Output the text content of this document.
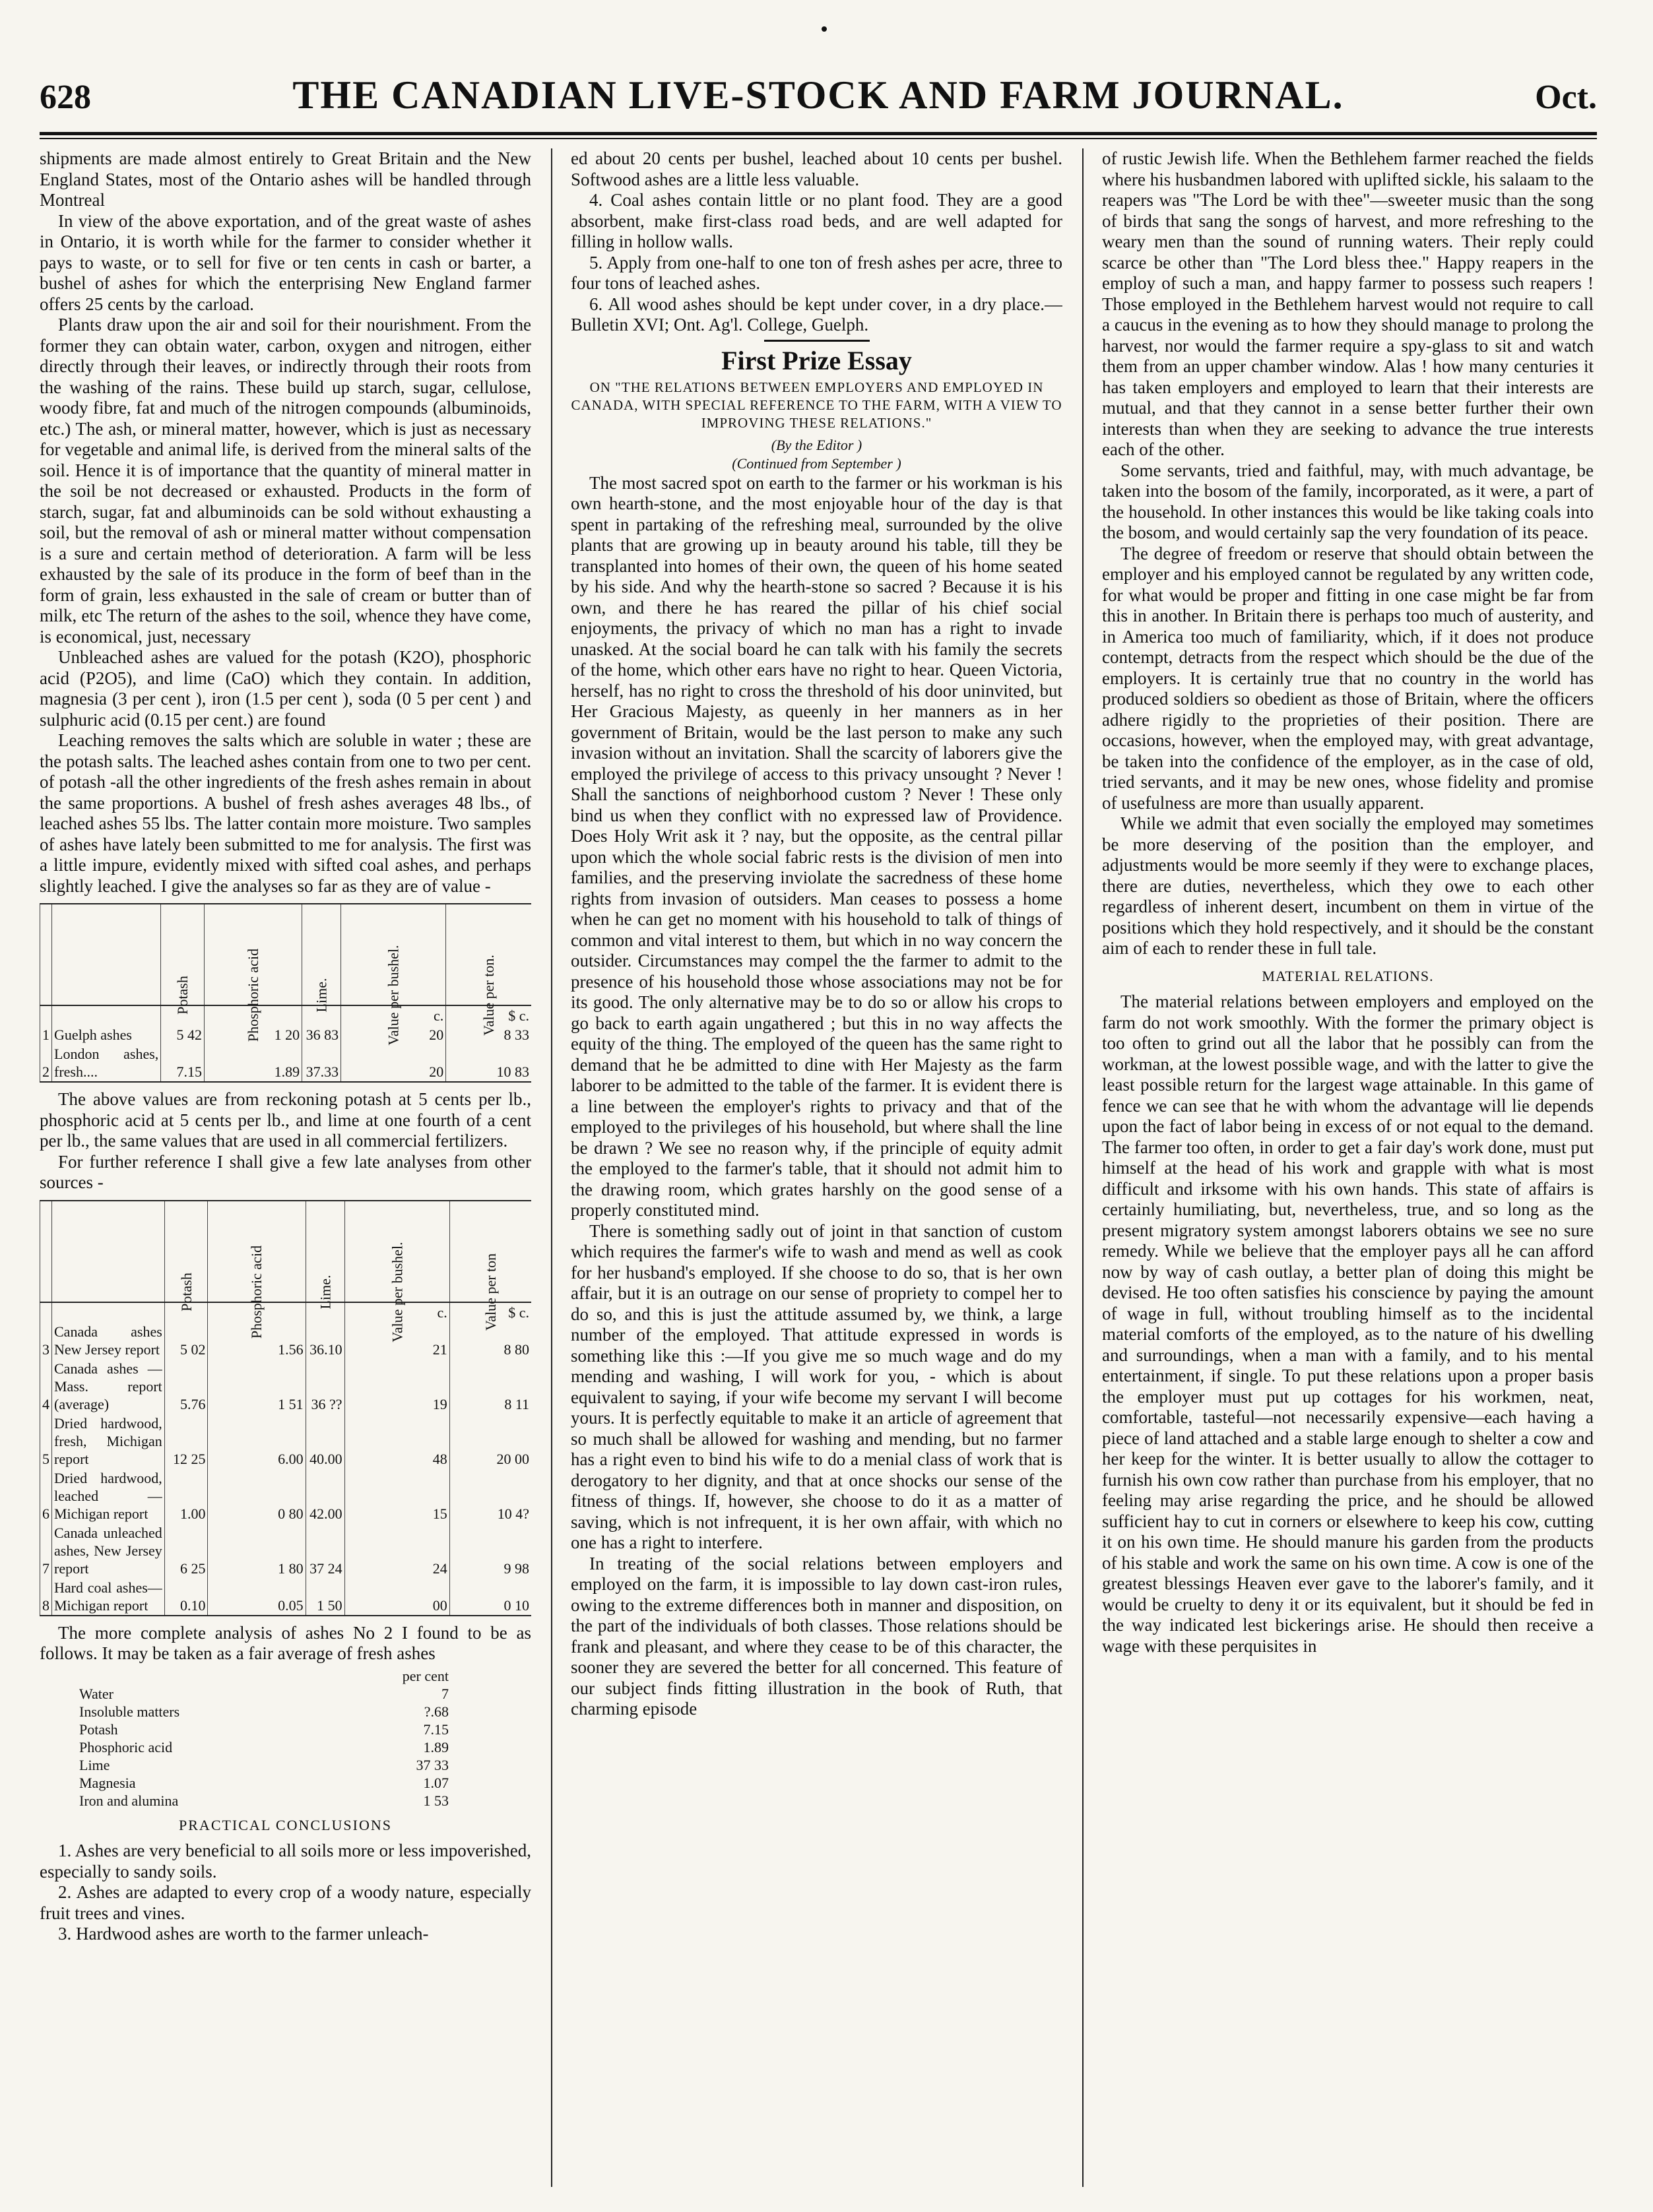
628	THE CANADIAN LIVE-STOCK AND FARM JOURNAL.	Oct.

shipments are made almost entirely to Great Britain and the New England States, most of the Ontario ashes will be handled through Montreal

In view of the above exportation, and of the great waste of ashes in Ontario, it is worth while for the farmer to consider whether it pays to waste, or to sell for five or ten cents in cash or barter, a bushel of ashes for which the enterprising New England farmer offers 25 cents by the carload.

Plants draw upon the air and soil for their nourishment. From the former they can obtain water, carbon, oxygen and nitrogen, either directly through their leaves, or indirectly through their roots from the washing of the rains. These build up starch, sugar, cellulose, woody fibre, fat and much of the nitrogen compounds (albuminoids, etc.) The ash, or mineral matter, however, which is just as necessary for vegetable and animal life, is derived from the mineral salts of the soil. Hence it is of importance that the quantity of mineral matter in the soil be not decreased or exhausted. Products in the form of starch, sugar, fat and albuminoids can be sold without exhausting a soil, but the removal of ash or mineral matter without compensation is a sure and certain method of deterioration. A farm will be less exhausted by the sale of its produce in the form of beef than in the form of grain, less exhausted in the sale of cream or butter than of milk, etc The return of the ashes to the soil, whence they have come, is economical, just, necessary

Unbleached ashes are valued for the potash (K2O), phosphoric acid (P2O5), and lime (CaO) which they contain. In addition, magnesia (3 per cent ), iron (1.5 per cent ), soda (0 5 per cent ) and sulphuric acid (0.15 per cent.) are found

Leaching removes the salts which are soluble in water ; these are the potash salts. The leached ashes contain from one to two per cent. of potash -all the other ingredients of the fresh ashes remain in about the same proportions. A bushel of fresh ashes averages 48 lbs., of leached ashes 55 lbs. The latter contain more moisture. Two samples of ashes have lately been submitted to me for analysis. The first was a little impure, evidently mixed with sifted coal ashes, and perhaps slightly leached. I give the analyses so far as they are of value -

		Potash	Phosphoric acid	Lime.	Value per bushel.	Value per ton.
					c.	$ c.
1	Guelph ashes	5 42	1 20	36 83	20	8 33
2	London ashes, fresh....	7.15	1.89	37.33	20	10 83

The above values are from reckoning potash at 5 cents per lb., phosphoric acid at 5 cents per lb., and lime at one fourth of a cent per lb., the same values that are used in all commercial fertilizers.

For further reference I shall give a few late analyses from other sources -

		Potash	Phosphoric acid	Lime.	Value per bushel.	Value per ton
					c.	$ c.
3	Canada ashes New Jersey report	5 02	1.56	36.10	21	8 80
4	Canada ashes — Mass. report (average)	5.76	1 51	36 ??	19	8 11
5	Dried hardwood, fresh, Michigan report	12 25	6.00	40.00	48	20 00
6	Dried hardwood, leached —Michigan report	1.00	0 80	42.00	15	10 4?
7	Canada unleached ashes, New Jersey report	6 25	1 80	37 24	24	9 98
8	Hard coal ashes—Michigan report	0.10	0.05	1 50	00	0 10

The more complete analysis of ashes No 2 I found to be as follows. It may be taken as a fair average of fresh ashes

per cent
Water	7
Insoluble matters	?.68
Potash	7.15
Phosphoric acid	1.89
Lime	37 33
Magnesia	1.07
Iron and alumina	1 53
PRACTICAL CONCLUSIONS

1. Ashes are very beneficial to all soils more or less impoverished, especially to sandy soils.

2. Ashes are adapted to every crop of a woody nature, especially fruit trees and vines.

3. Hardwood ashes are worth to the farmer unleach-

ed about 20 cents per bushel, leached about 10 cents per bushel. Softwood ashes are a little less valuable.

4. Coal ashes contain little or no plant food. They are a good absorbent, make first-class road beds, and are well adapted for filling in hollow walls.

5. Apply from one-half to one ton of fresh ashes per acre, three to four tons of leached ashes.

6. All wood ashes should be kept under cover, in a dry place.—Bulletin XVI; Ont. Ag'l. College, Guelph.

First Prize Essay
ON "THE RELATIONS BETWEEN EMPLOYERS AND EMPLOYED IN CANADA, WITH SPECIAL REFERENCE TO THE FARM, WITH A VIEW TO IMPROVING THESE RELATIONS."
(By the Editor )
(Continued from September )

The most sacred spot on earth to the farmer or his workman is his own hearth-stone, and the most enjoyable hour of the day is that spent in partaking of the refreshing meal, surrounded by the olive plants that are growing up in beauty around his table, till they be transplanted into homes of their own, the queen of his home seated by his side. And why the hearth-stone so sacred ? Because it is his own, and there he has reared the pillar of his chief social enjoyments, the privacy of which no man has a right to invade unasked. At the social board he can talk with his family the secrets of the home, which other ears have no right to hear. Queen Victoria, herself, has no right to cross the threshold of his door uninvited, but Her Gracious Majesty, as queenly in her manners as in her government of Britain, would be the last person to make any such invasion without an invitation. Shall the scarcity of laborers give the employed the privilege of access to this privacy unsought ? Never ! Shall the sanctions of neighborhood custom ? Never ! These only bind us when they conflict with no expressed law of Providence. Does Holy Writ ask it ? nay, but the opposite, as the central pillar upon which the whole social fabric rests is the division of men into families, and the preserving inviolate the sacredness of these home rights from invasion of outsiders. Man ceases to possess a home when he can get no moment with his household to talk of things of common and vital interest to them, but which in no way concern the outsider. Circumstances may compel the the farmer to admit to the presence of his household those whose associations may not be for its good. The only alternative may be to do so or allow his crops to go back to earth again ungathered ; but this in no way affects the equity of the thing. The employed of the queen has the same right to demand that he be admitted to dine with Her Majesty as the farm laborer to be admitted to the table of the farmer. It is evident there is a line between the employer's rights to privacy and that of the employed to the privileges of his household, but where shall the line be drawn ? We see no reason why, if the principle of equity admit the employed to the farmer's table, that it should not admit him to the drawing room, which grates harshly on the good sense of a properly constituted mind.

There is something sadly out of joint in that sanction of custom which requires the farmer's wife to wash and mend as well as cook for her husband's employed. If she choose to do so, that is her own affair, but it is an outrage on our sense of propriety to compel her to do so, and this is just the attitude assumed by, we think, a large number of the employed. That attitude expressed in words is something like this :—If you give me so much wage and do my mending and washing, I will work for you, - which is about equivalent to saying, if your wife become my servant I will become yours. It is perfectly equitable to make it an article of agreement that so much shall be allowed for washing and mending, but no farmer has a right even to bind his wife to do a menial class of work that is derogatory to her dignity, and that at once shocks our sense of the fitness of things. If, however, she choose to do it as a matter of saving, which is not infrequent, it is her own affair, with which no one has a right to interfere.

In treating of the social relations between employers and employed on the farm, it is impossible to lay down cast-iron rules, owing to the extreme differences both in manner and disposition, on the part of the individuals of both classes. Those relations should be frank and pleasant, and where they cease to be of this character, the sooner they are severed the better for all concerned. This feature of our subject finds fitting illustration in the book of Ruth, that charming episode

of rustic Jewish life. When the Bethlehem farmer reached the fields where his husbandmen labored with uplifted sickle, his salaam to the reapers was "The Lord be with thee"—sweeter music than the song of birds that sang the songs of harvest, and more refreshing to the weary men than the sound of running waters. Their reply could scarce be other than "The Lord bless thee." Happy reapers in the employ of such a man, and happy farmer to possess such reapers ! Those employed in the Bethlehem harvest would not require to call a caucus in the evening as to how they should manage to prolong the harvest, nor would the farmer require a spy-glass to sit and watch them from an upper chamber window. Alas ! how many centuries it has taken employers and employed to learn that their interests are mutual, and that they cannot in a sense better further their own interests than when they are seeking to advance the true interests each of the other.

Some servants, tried and faithful, may, with much advantage, be taken into the bosom of the family, incorporated, as it were, a part of the household. In other instances this would be like taking coals into the bosom, and would certainly sap the very foundation of its peace.

The degree of freedom or reserve that should obtain between the employer and his employed cannot be regulated by any written code, for what would be proper and fitting in one case might be far from this in another. In Britain there is perhaps too much of austerity, and in America too much of familiarity, which, if it does not produce contempt, detracts from the respect which should be the due of the employers. It is certainly true that no country in the world has produced soldiers so obedient as those of Britain, where the officers adhere rigidly to the proprieties of their position. There are occasions, however, when the employed may, with great advantage, be taken into the confidence of the employer, as in the case of old, tried servants, and it may be new ones, whose fidelity and promise of usefulness are more than usually apparent.

While we admit that even socially the employed may sometimes be more deserving of the position than the employer, and adjustments would be more seemly if they were to exchange places, there are duties, nevertheless, which they owe to each other regardless of inherent desert, incumbent on them in virtue of the positions which they hold respectively, and it should be the constant aim of each to render these in full tale.

MATERIAL RELATIONS.

The material relations between employers and employed on the farm do not work smoothly. With the former the primary object is too often to grind out all the labor that he possibly can from the workman, at the lowest possible wage, and with the latter to give the least possible return for the largest wage attainable. In this game of fence we can see that he with whom the advantage will lie depends upon the fact of labor being in excess of or not equal to the demand. The farmer too often, in order to get a fair day's work done, must put himself at the head of his work and grapple with what is most difficult and irksome with his own hands. This state of affairs is certainly humiliating, but, nevertheless, true, and so long as the present migratory system amongst laborers obtains we see no sure remedy. While we believe that the employer pays all he can afford now by way of cash outlay, a better plan of doing this might be devised. He too often satisfies his conscience by paying the amount of wage in full, without troubling himself as to the incidental material comforts of the employed, as to the nature of his dwelling and surroundings, when a man with a family, and to his mental entertainment, if single. To put these relations upon a proper basis the employer must put up cottages for his workmen, neat, comfortable, tasteful—not necessarily expensive—each having a piece of land attached and a stable large enough to shelter a cow and her keep for the winter. It is better usually to allow the cottager to furnish his own cow rather than purchase from his employer, that no feeling may arise regarding the price, and he should be allowed sufficient hay to cut in corners or elsewhere to keep his cow, cutting it on his own time. He should manure his garden from the products of his stable and work the same on his own time. A cow is one of the greatest blessings Heaven ever gave to the laborer's family, and it would be cruelty to deny it or its equivalent, but it should be fed in the way indicated lest bickerings arise. He should then receive a wage with these perquisites in
